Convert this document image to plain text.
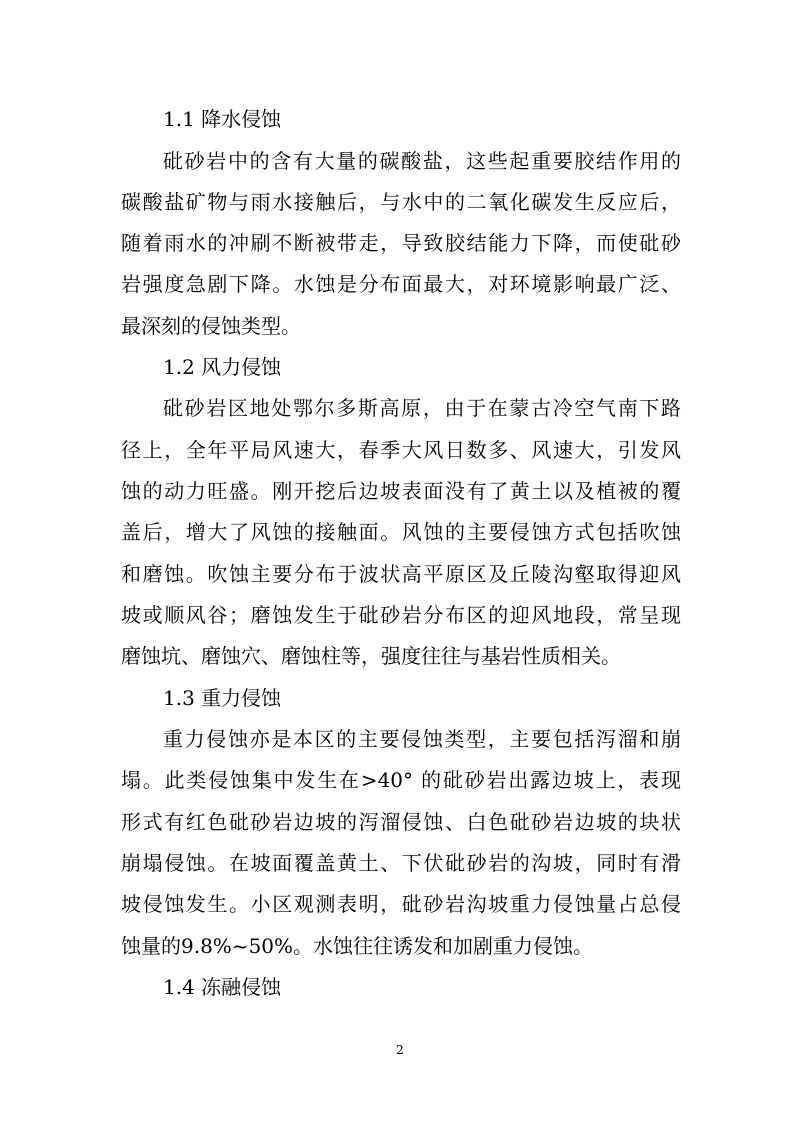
1.1 降水侵蚀
砒砂岩中的含有大量的碳酸盐，这些起重要胶结作用的
碳酸盐矿物与雨水接触后，与水中的二氧化碳发生反应后，
随着雨水的冲刷不断被带走，导致胶结能力下降，而使砒砂
岩强度急剧下降。水蚀是分布面最大，对环境影响最广泛、
最深刻的侵蚀类型。
1.2 风力侵蚀
砒砂岩区地处鄂尔多斯高原，由于在蒙古冷空气南下路
径上，全年平局风速大，春季大风日数多、风速大，引发风
蚀的动力旺盛。刚开挖后边坡表面没有了黄土以及植被的覆
盖后，增大了风蚀的接触面。风蚀的主要侵蚀方式包括吹蚀
和磨蚀。吹蚀主要分布于波状高平原区及丘陵沟壑取得迎风
坡或顺风谷；磨蚀发生于砒砂岩分布区的迎风地段，常呈现
磨蚀坑、磨蚀穴、磨蚀柱等，强度往往与基岩性质相关。
1.3 重力侵蚀
重力侵蚀亦是本区的主要侵蚀类型，主要包括泻溜和崩
塌。此类侵蚀集中发生在>40° 的砒砂岩出露边坡上，表现
形式有红色砒砂岩边坡的泻溜侵蚀、白色砒砂岩边坡的块状
崩塌侵蚀。在坡面覆盖黄土、下伏砒砂岩的沟坡，同时有滑
坡侵蚀发生。小区观测表明，砒砂岩沟坡重力侵蚀量占总侵
蚀量的9.8%~50%。水蚀往往诱发和加剧重力侵蚀。
1.4 冻融侵蚀
2
